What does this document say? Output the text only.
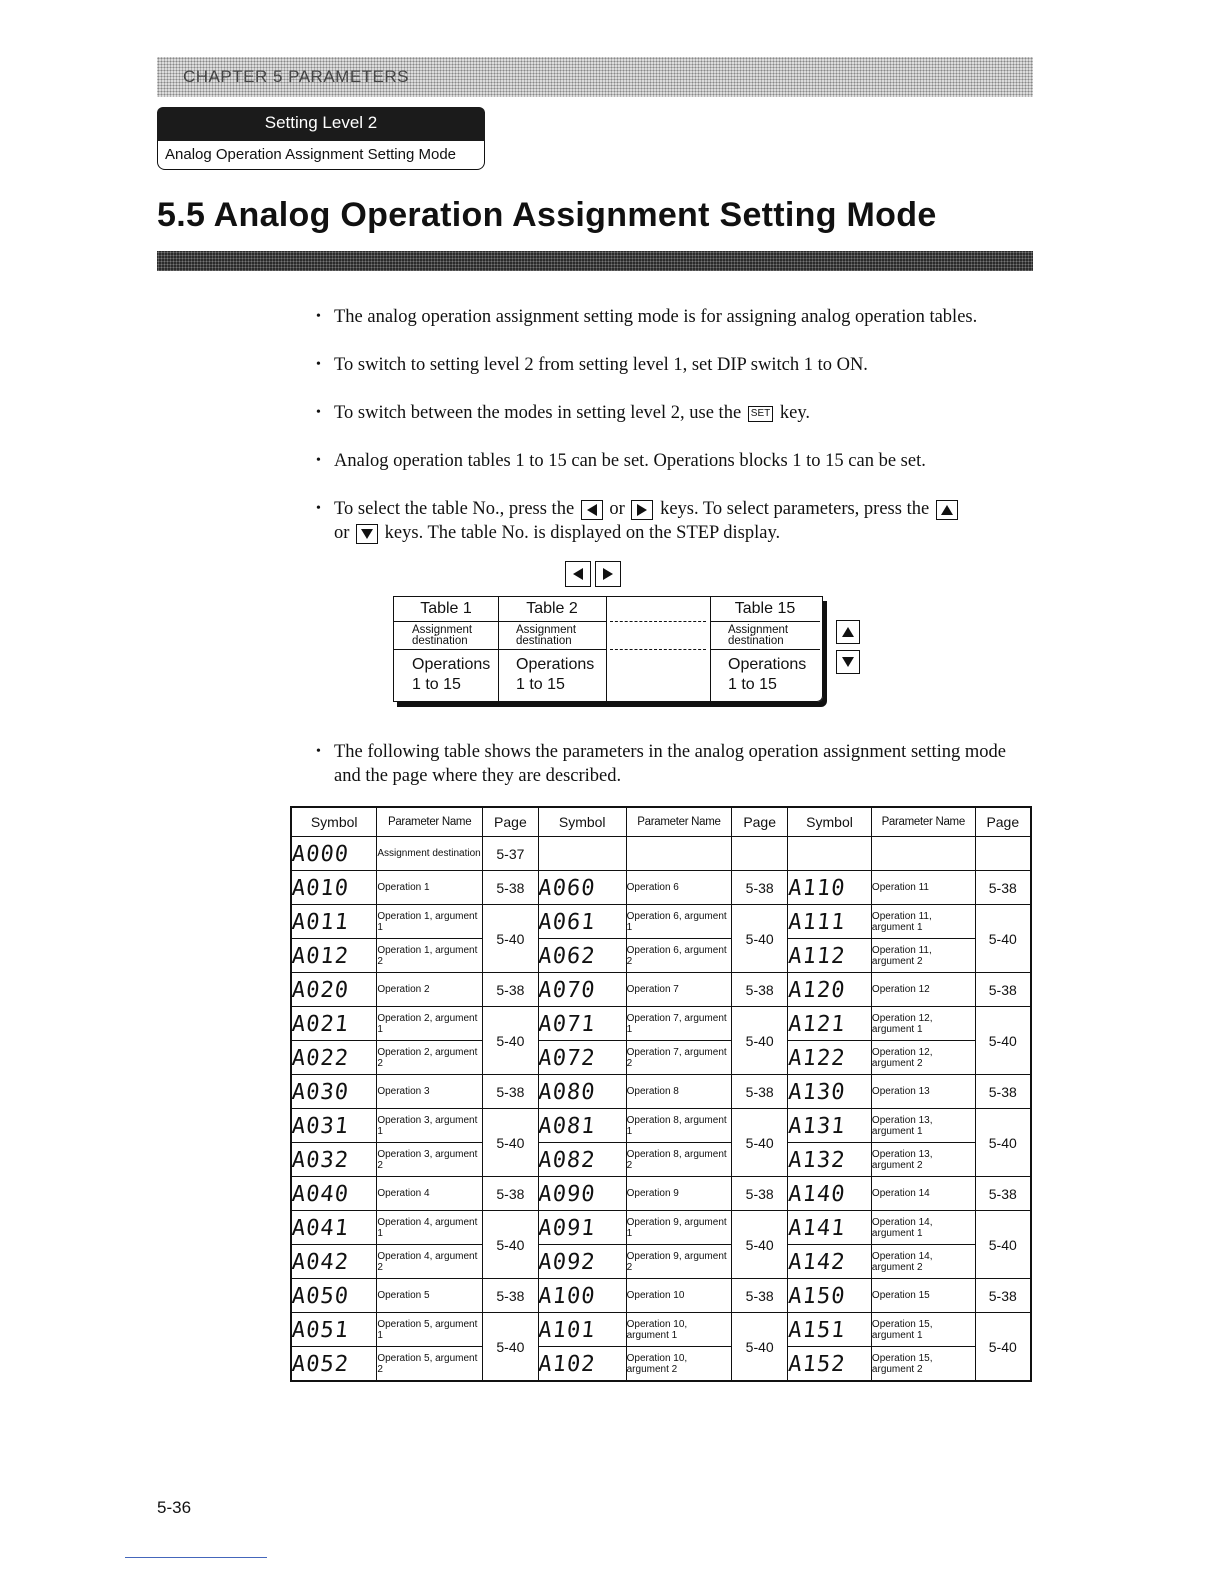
CHAPTER 5 PARAMETERS
Setting Level 2
Analog Operation Assignment Setting Mode
5.5 Analog Operation Assignment Setting Mode
• The analog operation assignment setting mode is for assigning analog operation tables.
• To switch to setting level 2 from setting level 1, set DIP switch 1 to ON.
• To switch between the modes in setting level 2, use the SET key.
• Analog operation tables 1 to 15 can be set. Operations blocks 1 to 15 can be set.
• To select the table No., press the or keys. To select parameters, press the
or keys. The table No. is displayed on the STEP display.
Table 1
Assignment
destination
Operations
1 to 15
Table 2
Assignment
destination
Operations
1 to 15
Table 15
Assignment
destination
Operations
1 to 15
• The following table shows the parameters in the analog operation assignment setting mode and the page where they are described.
Symbol	Parameter Name	Page	Symbol	Parameter Name	Page	Symbol	Parameter Name	Page
A000	Assignment destination	5-37						
A010	Operation 1	5-38	A060	Operation 6	5-38	A110	Operation 11	5-38
A011	Operation 1, argument 1	5-40	A061	Operation 6, argument 1	5-40	A111	Operation 11, argument 1	5-40
A012	Operation 1, argument 2		A062	Operation 6, argument 2		A112	Operation 11, argument 2	
A020	Operation 2	5-38	A070	Operation 7	5-38	A120	Operation 12	5-38
A021	Operation 2, argument 1	5-40	A071	Operation 7, argument 1	5-40	A121	Operation 12, argument 1	5-40
A022	Operation 2, argument 2		A072	Operation 7, argument 2		A122	Operation 12, argument 2	
A030	Operation 3	5-38	A080	Operation 8	5-38	A130	Operation 13	5-38
A031	Operation 3, argument 1	5-40	A081	Operation 8, argument 1	5-40	A131	Operation 13, argument 1	5-40
A032	Operation 3, argument 2		A082	Operation 8, argument 2		A132	Operation 13, argument 2	
A040	Operation 4	5-38	A090	Operation 9	5-38	A140	Operation 14	5-38
A041	Operation 4, argument 1	5-40	A091	Operation 9, argument 1	5-40	A141	Operation 14, argument 1	5-40
A042	Operation 4, argument 2		A092	Operation 9, argument 2		A142	Operation 14, argument 2	
A050	Operation 5	5-38	A100	Operation 10	5-38	A150	Operation 15	5-38
A051	Operation 5, argument 1	5-40	A101	Operation 10, argument 1	5-40	A151	Operation 15, argument 1	5-40
A052	Operation 5, argument 2		A102	Operation 10, argument 2		A152	Operation 15, argument 2	
5-36
